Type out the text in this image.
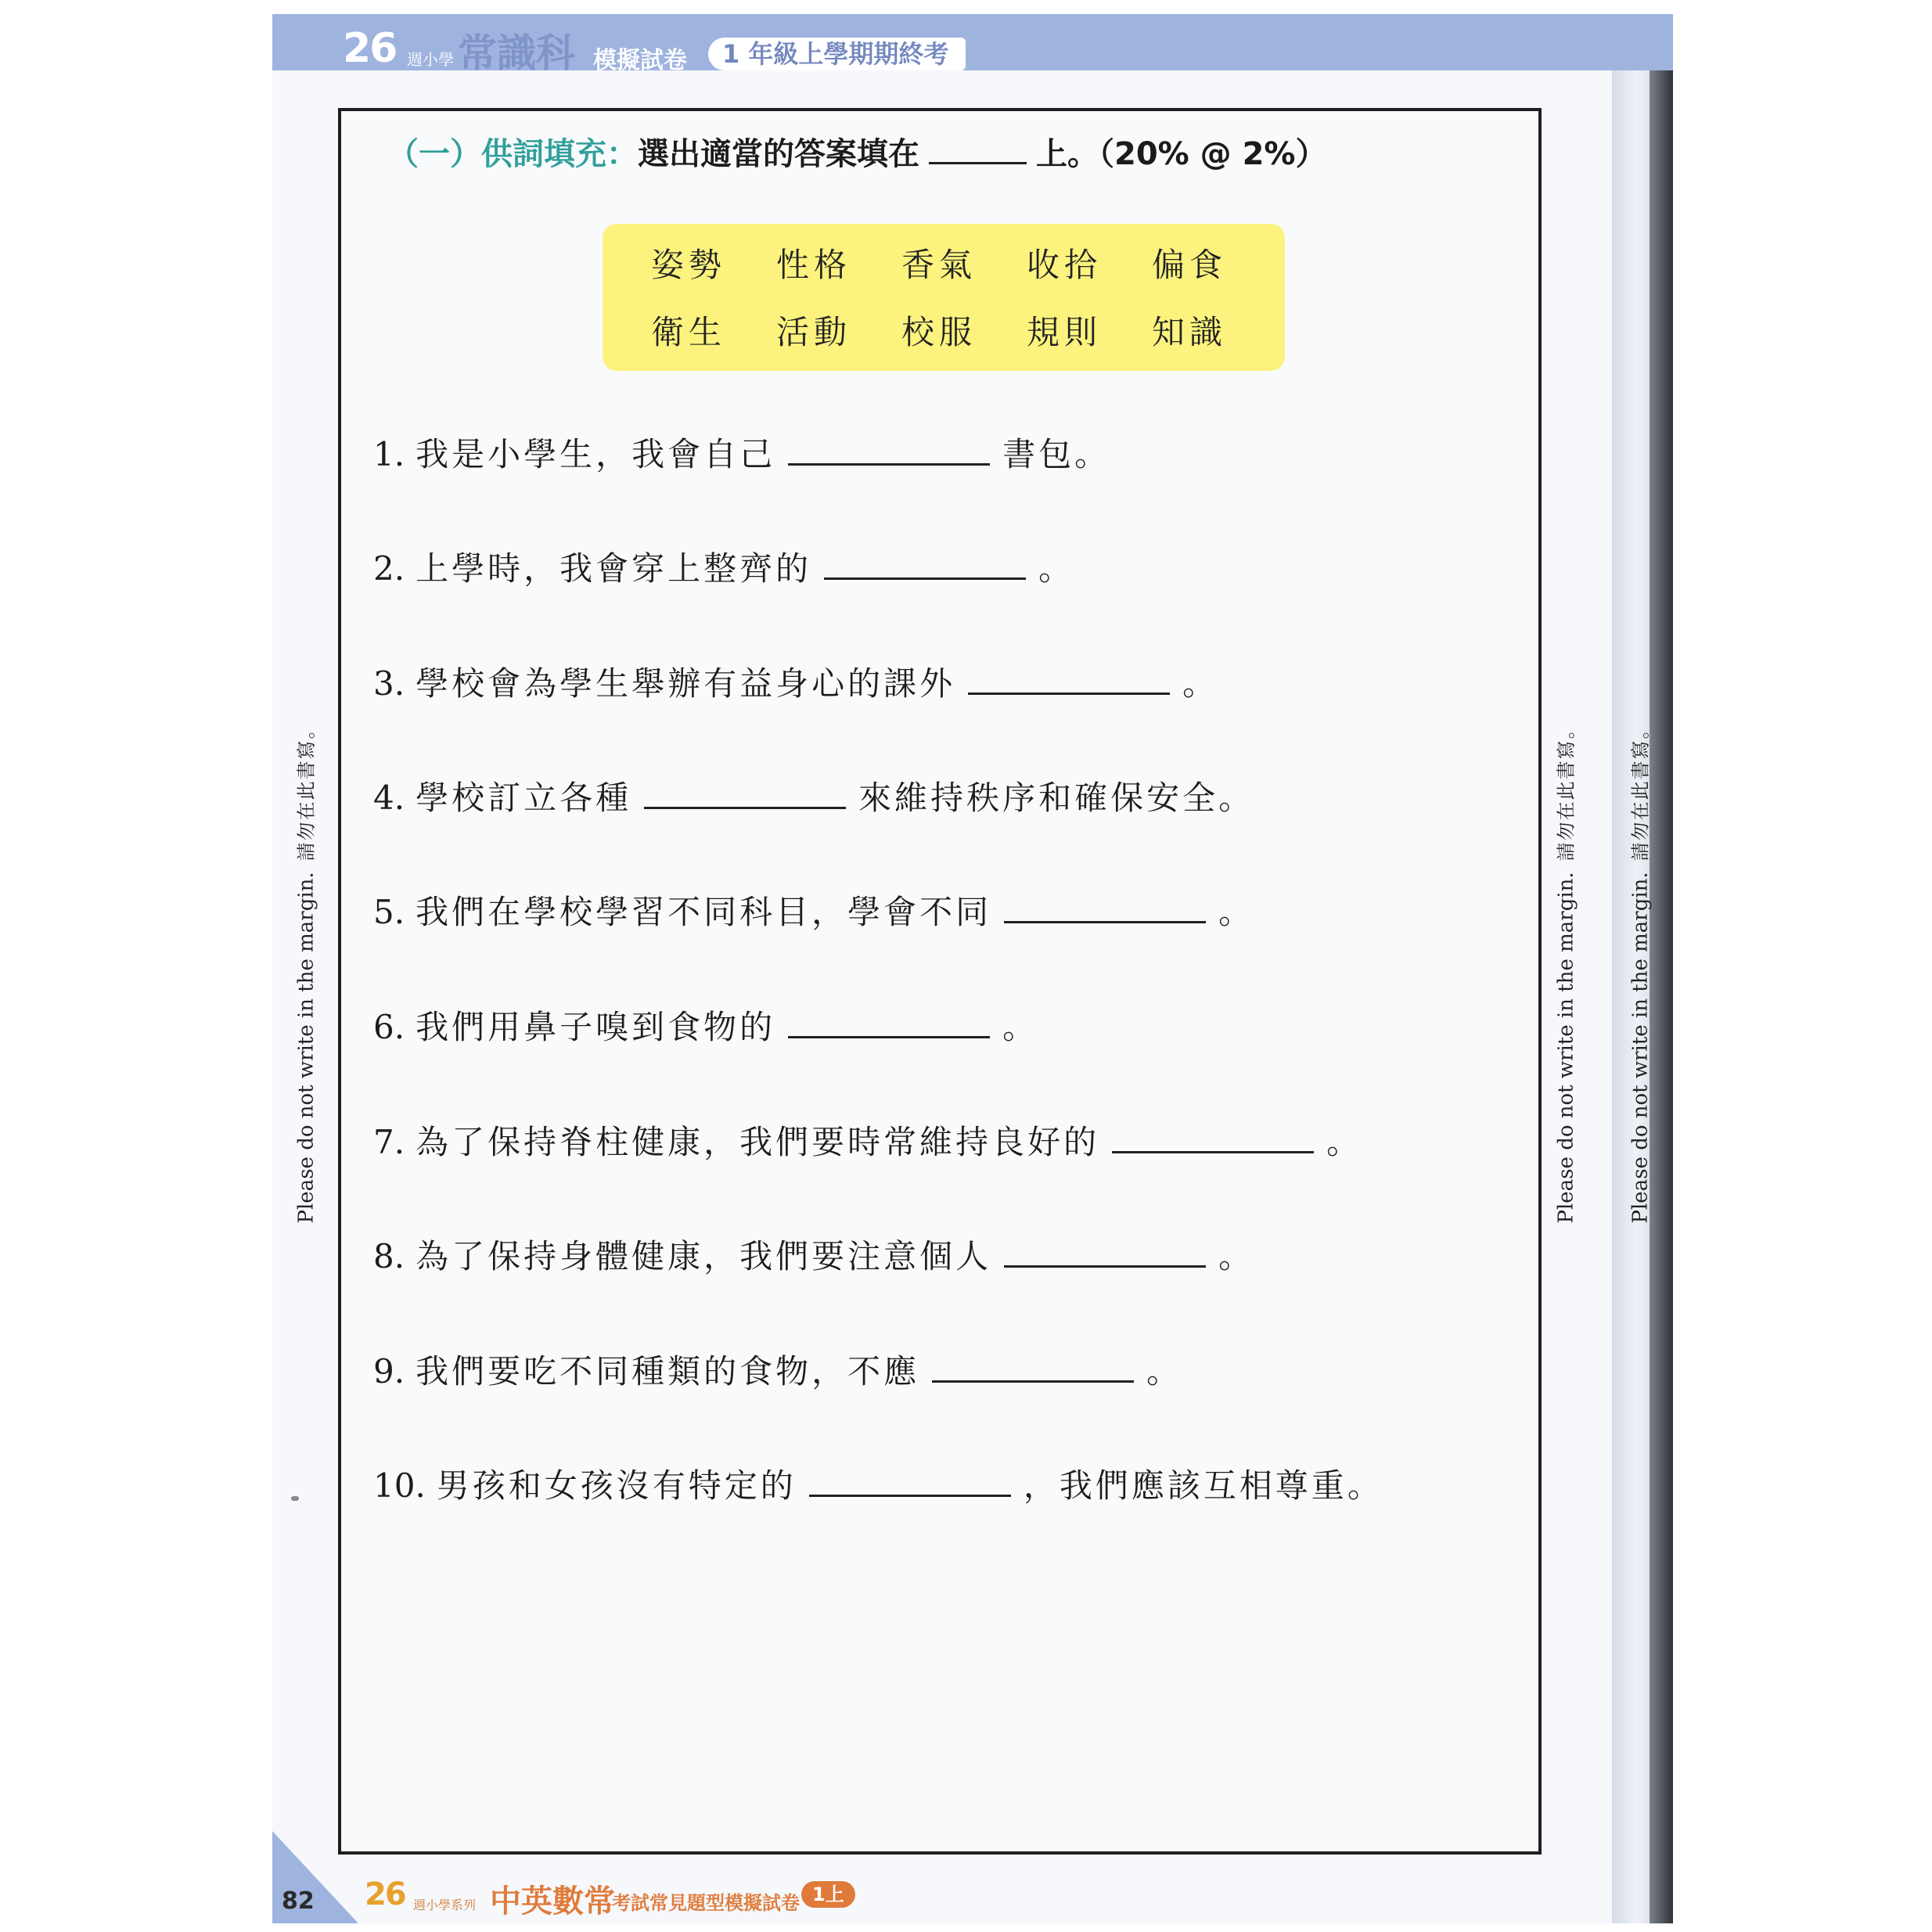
26 週小學 常識科 模擬試卷	1 年級上學期期終考
（一）供詞填充：選出適當的答案填在	上。（20% @ 2%）
姿勢 性格 香氣 收拾 偏食
衛生 活動 校服 規則 知識
1. 我是小學生，我會自己	書包。
2. 上學時，我會穿上整齊的	。
3. 學校會為學生舉辦有益身心的課外	。
4. 學校訂立各種	來維持秩序和確保安全。
5. 我們在學校學習不同科目，學會不同	。
6. 我們用鼻子嗅到食物的	。
7. 為了保持脊柱健康，我們要時常維持良好的	。
8. 為了保持身體健康，我們要注意個人	。
9. 我們要吃不同種類的食物，不應	。
10. 男孩和女孩沒有特定的	，我們應該互相尊重。
Please do not write in the margin.請勿在此書寫。
Please do not write in the margin.請勿在此書寫。
Please do not write in the margin.請勿在此書寫。
82 26 週小學系列 中英數常
考試常見題型模擬試卷 1上
